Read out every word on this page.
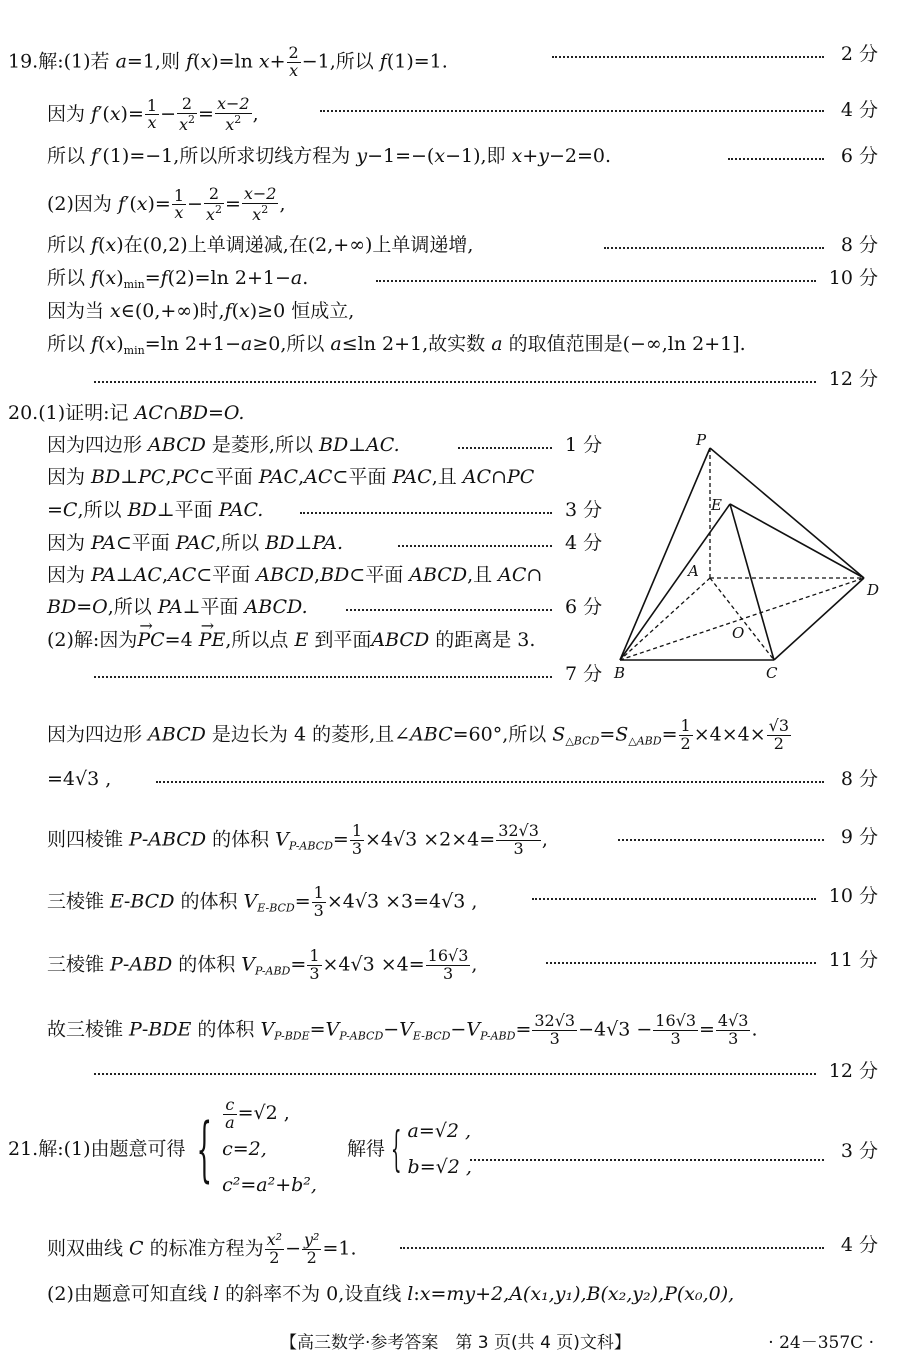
19.解:(1)若 a=1,则 f(x)=ln $x+ \frac{2}{x} -1$,所以 f(1)=1.	2 分
因为 $f'(x)= \frac{1}{x} - \frac{2}{x^2} = \frac{x-2}{x^2}$ ,	4 分
所以 f′(1)=−1,所以所求切线方程为 y−1=−(x−1),即 x+y−2=0.	6 分
(2)因为 $f'(x)= \frac{1}{x} - \frac{2}{x^2} = \frac{x-2}{x^2}$ ,
所以 f(x)在(0,2)上单调递减,在(2,+∞)上单调递增,	8 分
所以 $f(x)_{min}=f(2)=\ln$ 2+1−a.	10 分
因为当 x∈(0,+∞)时,f(x)≥0 恒成立,
所以 $f(x)_{min}=\ln$ 2+1−a≥0,所以 a≤ln 2+1,故实数 a 的取值范围是(−∞,ln 2+1].
12 分
20.(1)证明:记 AC∩BD=O.
因为四边形 ABCD 是菱形,所以 BD⊥AC.	1 分
因为 BD⊥PC,PC⊂平面 PAC,AC⊂平面 PAC,且 AC∩PC
=C,所以 BD⊥平面 PAC.	3 分
因为 PA⊂平面 PAC,所以 BD⊥PA.	4 分
因为 PA⊥AC,AC⊂平面 ABCD,BD⊂平面 ABCD,且 AC∩
BD=O,所以 PA⊥平面 ABCD.	6 分
(2)解:因为→ PC=4 → PE,所以点 E 到平面ABCD 的距离是 3.
7 分
P
E
A
D
O
B	C
因为四边形 ABCD 是边长为 4 的菱形,且∠ABC=60°,所以 $S_{\triangle BCD}=S_{\triangle ABD}= \frac{1}{2} \times 4\times 4\times \frac{√3}{2}$
=4√3 ,	8 分
则四棱锥 P-ABCD 的体积 $V_{P-ABCD}= \frac{1}{3} \times 4√3 \times 2\times 4= \frac{32√3}{3}$ ,	9 分
三棱锥 E-BCD 的体积 $V_{E-BCD}= \frac{1}{3} \times 4√3 \times 3=4√3$ ,	10 分
三棱锥 P-ABD 的体积 $V_{P-ABD}= \frac{1}{3} \times 4√3 \times 4= \frac{16√3}{3}$ ,	11 分
故三棱锥 P-BDE 的体积 $V_{P-BDE}=V_{P-ABCD}-V_{E-BCD}-V_{P-ABD}= \frac{32√3}{3} -4√3 - \frac{16√3}{3} = \frac{4√3}{3}$ .
12 分
21.解:(1)由题意可得 { $\frac{c}{a} =√2$ ,
c=2,
c²=a²+b²,
解得 { a=√2 ,
b=√2 ,
3 分
则双曲线 C 的标准方程为 $\frac{\text{x²}}{2} - \frac{\text{y²}}{2} =1$.	4 分
(2)由题意可知直线 l 的斜率不为 0,设直线 l:x=my+2,A(x₁,y₁),B(x₂,y₂),P(x₀,0),
【高三数学·参考答案　第 3 页(共 4 页)文科】	· 24－357C ·
